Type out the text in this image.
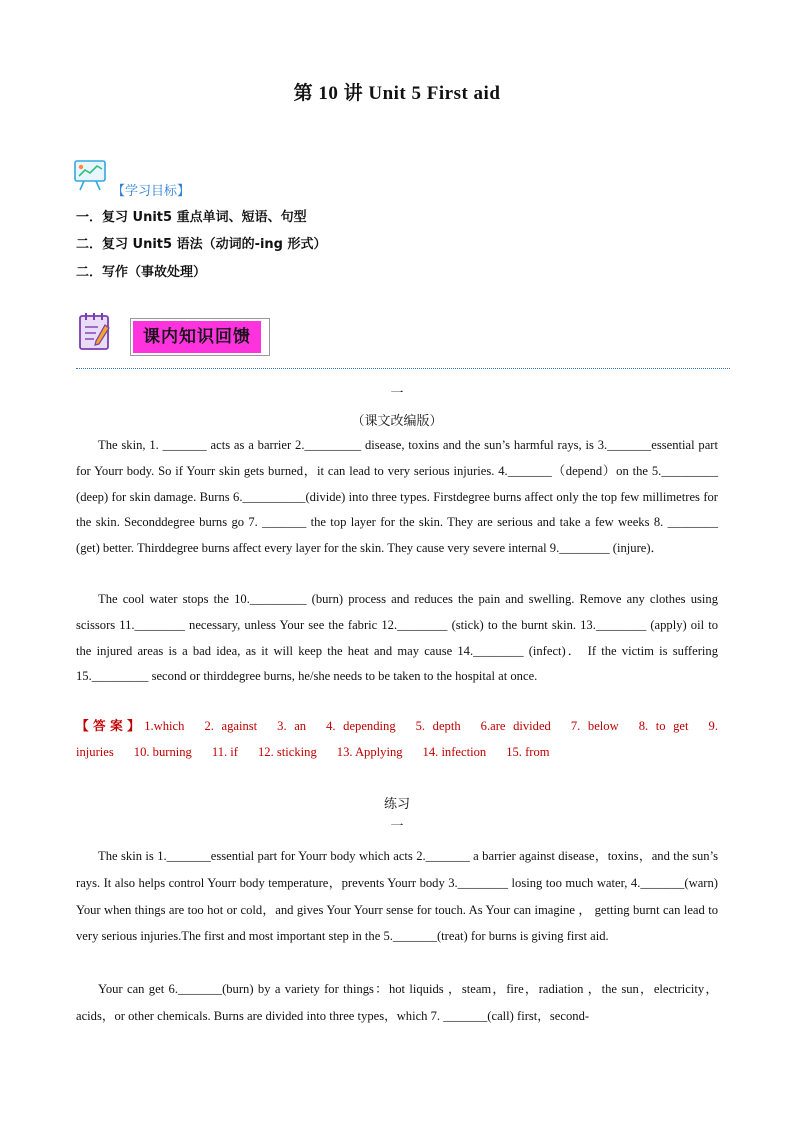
第 10 讲 Unit 5 First aid
【学习目标】
一．复习 Unit5 重点单词、短语、句型
二．复习 Unit5 语法（动词的-ing 形式）
二．写作（事故处理）
课内知识回馈
一
（课文改编版）

The skin, 1. _______ acts as a barrier 2._________ disease, toxins and the sun’s harmful rays, is 3._______essential part for Yourr body. So if Yourr skin gets burned，it can lead to very serious injuries. 4._______（depend）on the 5._________ (deep) for skin damage. Burns 6.__________(divide) into three types. Firstdegree burns affect only the top few millimetres for the skin. Seconddegree burns go 7. _______ the top layer for the skin. They are serious and take a few weeks 8. ________ (get) better. Thirddegree burns affect every layer for the skin. They cause very severe internal 9.________ (injure)．

The cool water stops the 10._________ (burn) process and reduces the pain and swelling. Remove any clothes using scissors 11.________ necessary, unless Your see the fabric 12.________ (stick) to the burnt skin. 13.________ (apply) oil to the injured areas is a bad idea, as it will keep the heat and may cause 14.________ (infect)． If the victim is suffering 15._________ second or thirddegree burns, he/she needs to be taken to the hospital at once.

【答案】1.which 2. against 3. an 4. depending 5. depth 6.are divided 7. below 8. to get 9. injuries 10. burning 11. if 12. sticking 13. Applying 14. infection 15. from

练习
一

The skin is 1._______essential part for Yourr body which acts 2._______ a barrier against disease，toxins，and the sun’s rays. It also helps control Yourr body temperature，prevents Yourr body 3.________ losing too much water, 4._______(warn) Your when things are too hot or cold，and gives Your Yourr sense for touch. As Your can imagine ， getting burnt can lead to very serious injuries.The first and most important step in the 5._______(treat) for burns is giving first aid.

Your can get 6._______(burn) by a variety for things：hot liquids ，steam，fire，radiation ，the sun，electricity，acids，or other chemicals. Burns are divided into three types，which 7. _______(call) first，second-
